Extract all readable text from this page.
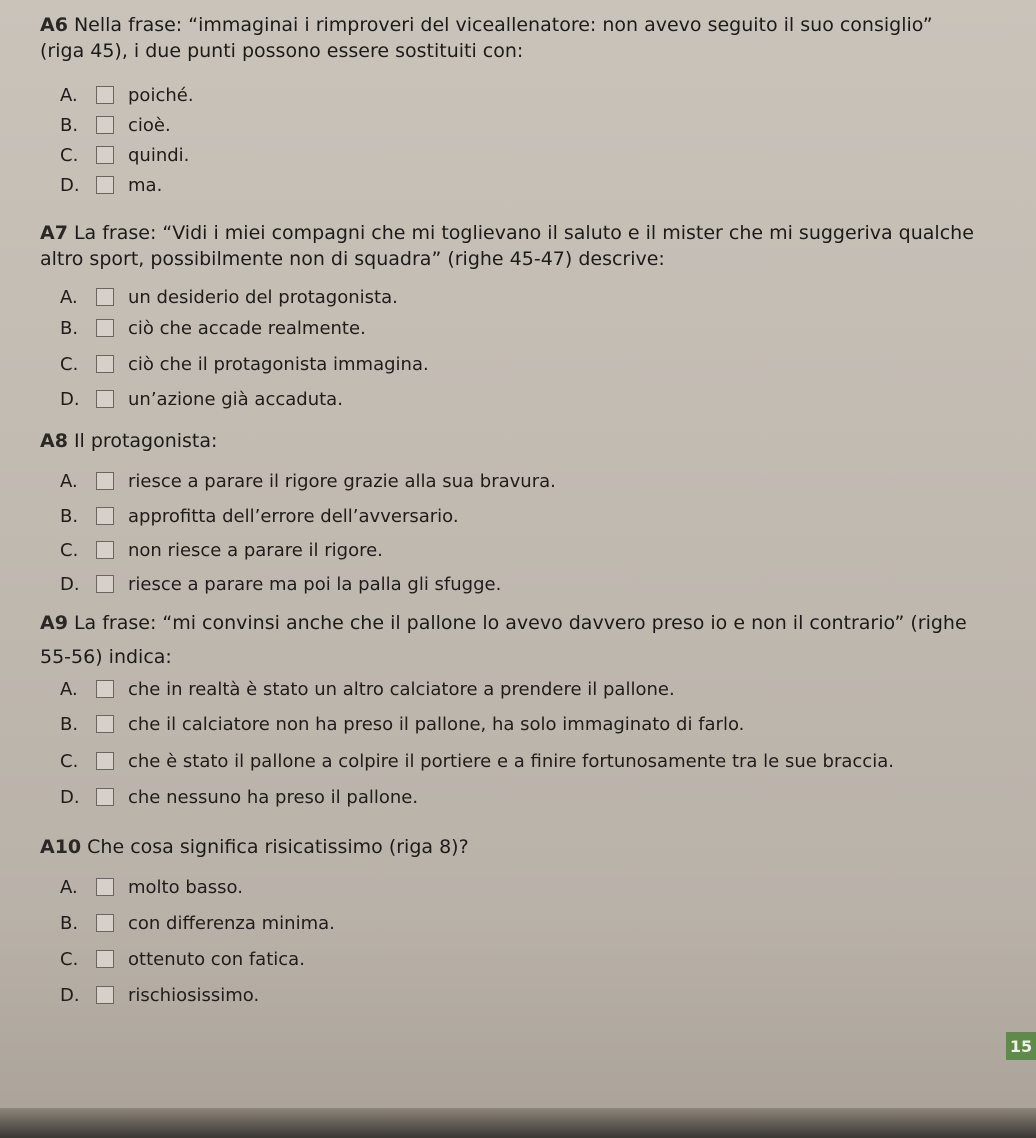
A6 Nella frase: “immaginai i rimproveri del viceallenatore: non avevo seguito il suo consiglio”
(riga 45), i due punti possono essere sostituiti con:
A.	poiché.
B.	cioè.
C.	quindi.
D.	ma.
A7 La frase: “Vidi i miei compagni che mi toglievano il saluto e il mister che mi suggeriva qualche
altro sport, possibilmente non di squadra” (righe 45-47) descrive:
A.	un desiderio del protagonista.
B.	ciò che accade realmente.
C.	ciò che il protagonista immagina.
D.	un’azione già accaduta.
A8 Il protagonista:
A.	riesce a parare il rigore grazie alla sua bravura.
B.	approfitta dell’errore dell’avversario.
C.	non riesce a parare il rigore.
D.	riesce a parare ma poi la palla gli sfugge.
A9 La frase: “mi convinsi anche che il pallone lo avevo davvero preso io e non il contrario” (righe
55-56) indica:
A.	che in realtà è stato un altro calciatore a prendere il pallone.
B.	che il calciatore non ha preso il pallone, ha solo immaginato di farlo.
C.	che è stato il pallone a colpire il portiere e a finire fortunosamente tra le sue braccia.
D.	che nessuno ha preso il pallone.
A10 Che cosa significa risicatissimo (riga 8)?
A.	molto basso.
B.	con differenza minima.
C.	ottenuto con fatica.
D.	rischiosissimo.
15
